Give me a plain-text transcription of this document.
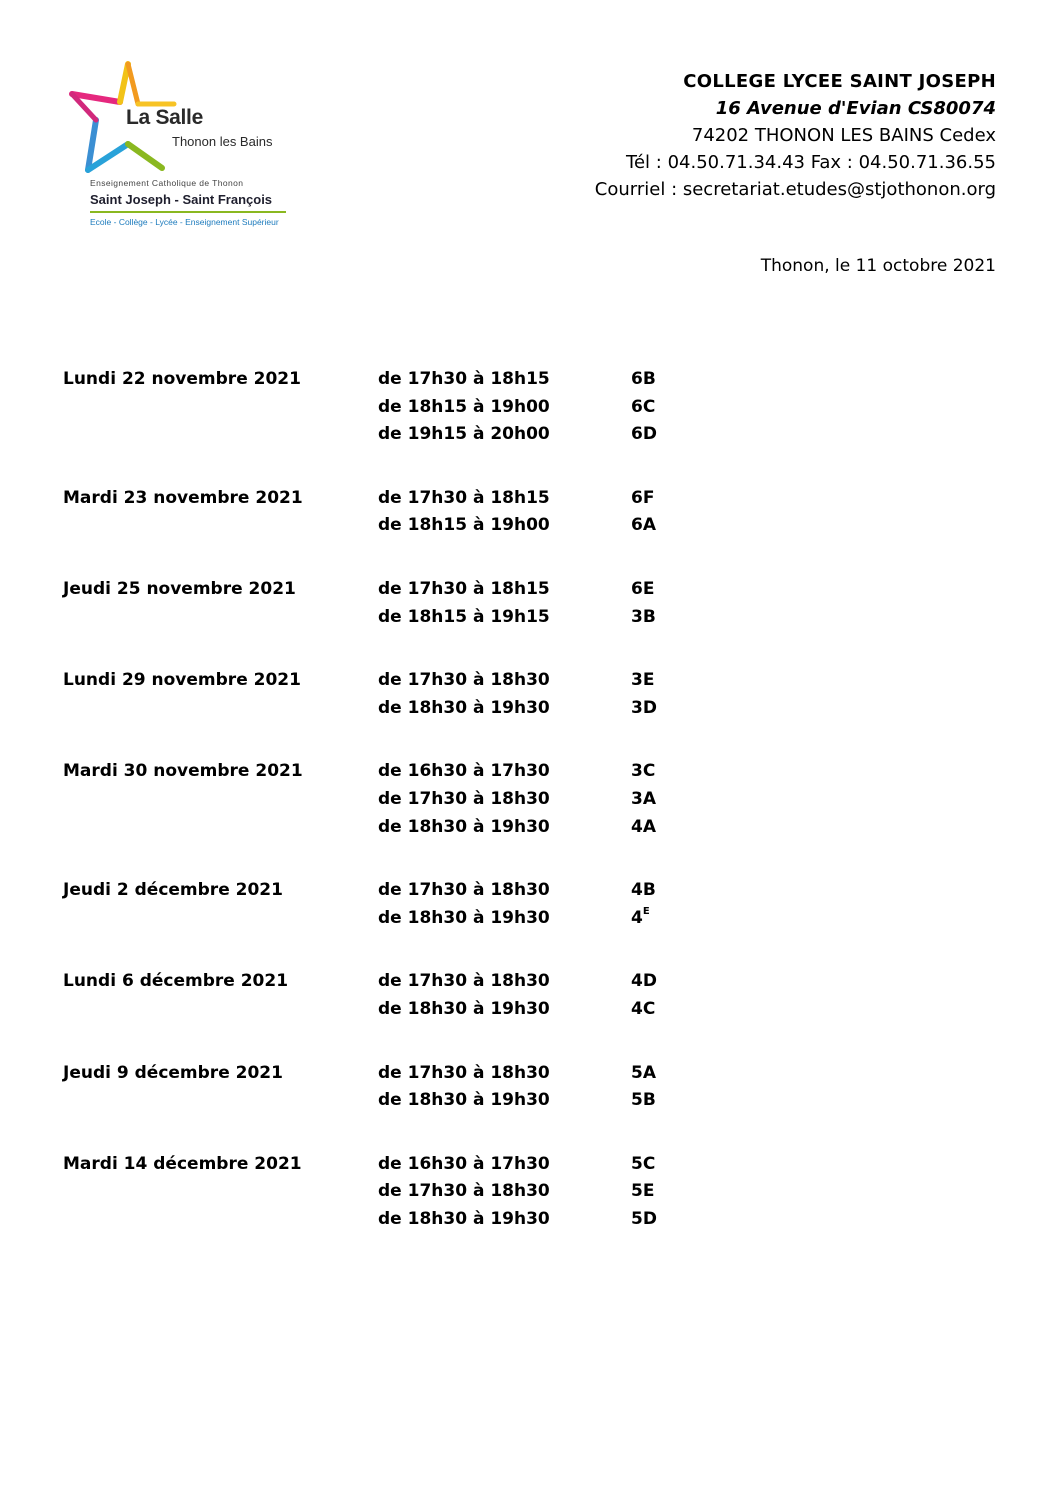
La Salle
Thonon les Bains
Enseignement Catholique de Thonon
Saint Joseph - Saint François
Ecole - Collège - Lycée - Enseignement Supérieur
COLLEGE LYCEE SAINT JOSEPH
16 Avenue d'Evian CS80074
74202 THONON LES BAINS Cedex
Tél : 04.50.71.34.43 Fax : 04.50.71.36.55
Courriel : secretariat.etudes@stjothonon.org
Thonon, le 11 octobre 2021
Lundi 22 novembre 2021	de 17h30 à 18h15	6B
de 18h15 à 19h00	6C
de 19h15 à 20h00	6D
Mardi 23 novembre 2021	de 17h30 à 18h15	6F
de 18h15 à 19h00	6A
Jeudi 25 novembre 2021	de 17h30 à 18h15	6E
de 18h15 à 19h15	3B
Lundi 29 novembre 2021	de 17h30 à 18h30	3E
de 18h30 à 19h30	3D
Mardi 30 novembre 2021	de 16h30 à 17h30	3C
de 17h30 à 18h30	3A
de 18h30 à 19h30	4A
Jeudi 2 décembre 2021	de 17h30 à 18h30	4B
de 18h30 à 19h30	$4^E$
Lundi 6 décembre 2021	de 17h30 à 18h30	4D
de 18h30 à 19h30	4C
Jeudi 9 décembre 2021	de 17h30 à 18h30	5A
de 18h30 à 19h30	5B
Mardi 14 décembre 2021	de 16h30 à 17h30	5C
de 17h30 à 18h30	5E
de 18h30 à 19h30	5D
